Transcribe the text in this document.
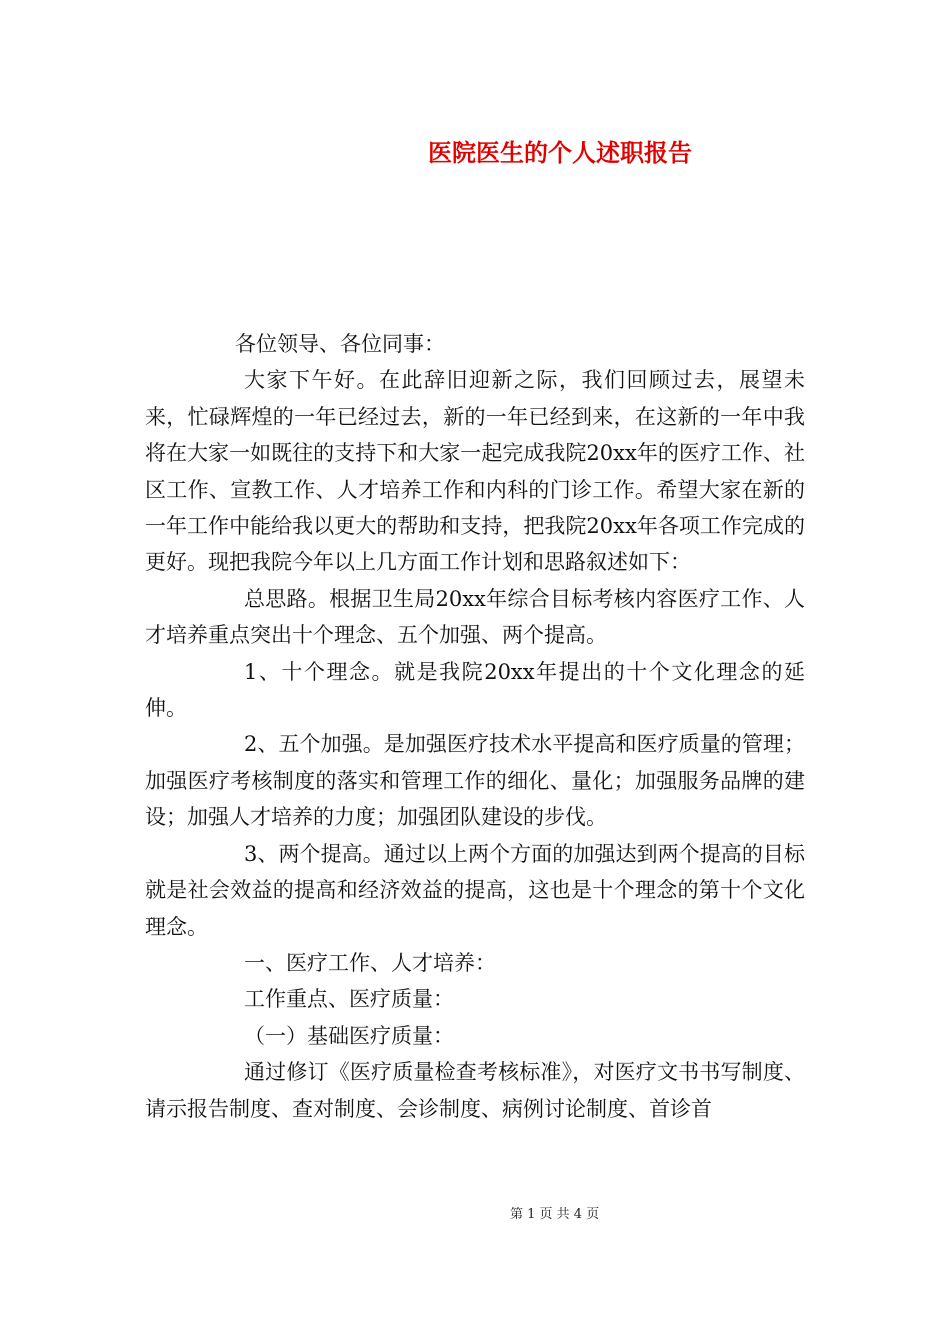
医院医生的个人述职报告

各位领导、各位同事：

大家下午好。在此辞旧迎新之际，我们回顾过去，展望未来，忙碌辉煌的一年已经过去，新的一年已经到来，在这新的一年中我将在大家一如既往的支持下和大家一起完成我院20xx年的医疗工作、社区工作、宣教工作、人才培养工作和内科的门诊工作。希望大家在新的一年工作中能给我以更大的帮助和支持，把我院20xx年各项工作完成的更好。现把我院今年以上几方面工作计划和思路叙述如下：

总思路。根据卫生局20xx年综合目标考核内容医疗工作、人才培养重点突出十个理念、五个加强、两个提高。

1、十个理念。就是我院20xx年提出的十个文化理念的延伸。

2、五个加强。是加强医疗技术水平提高和医疗质量的管理；加强医疗考核制度的落实和管理工作的细化、量化；加强服务品牌的建设；加强人才培养的力度；加强团队建设的步伐。

3、两个提高。通过以上两个方面的加强达到两个提高的目标就是社会效益的提高和经济效益的提高，这也是十个理念的第十个文化理念。

一、医疗工作、人才培养：

工作重点、医疗质量：

（一）基础医疗质量：

通过修订《医疗质量检查考核标准》，对医疗文书书写制度、请示报告制度、查对制度、会诊制度、病例讨论制度、首诊首

第 1 页 共 4 页
